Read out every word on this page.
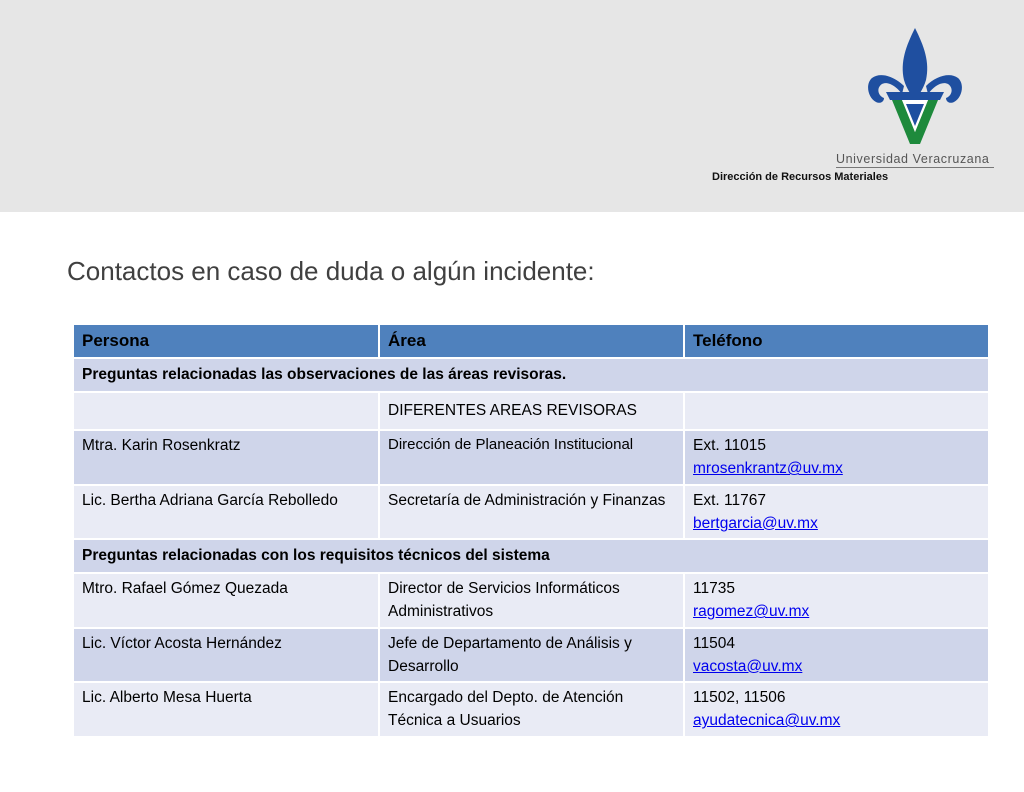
Universidad Veracruzana
Dirección de Recursos Materiales
Contactos en caso de duda o algún incidente:
Persona	Área	Teléfono
Preguntas relacionadas las observaciones de las áreas revisoras.		
	DIFERENTES AREAS REVISORAS	
Mtra. Karin Rosenkratz	Dirección de Planeación Institucional	Ext. 11015
mrosenkrantz@uv.mx
Lic. Bertha Adriana García Rebolledo	Secretaría de Administración y Finanzas	Ext. 11767
bertgarcia@uv.mx
Preguntas relacionadas con los requisitos técnicos del sistema		
Mtro. Rafael Gómez Quezada	Director de Servicios Informáticos Administrativos	11735
ragomez@uv.mx
Lic. Víctor Acosta Hernández	Jefe de Departamento de Análisis y Desarrollo	11504
vacosta@uv.mx
Lic. Alberto Mesa Huerta	Encargado del Depto. de Atención Técnica a Usuarios	11502, 11506
ayudatecnica@uv.mx
